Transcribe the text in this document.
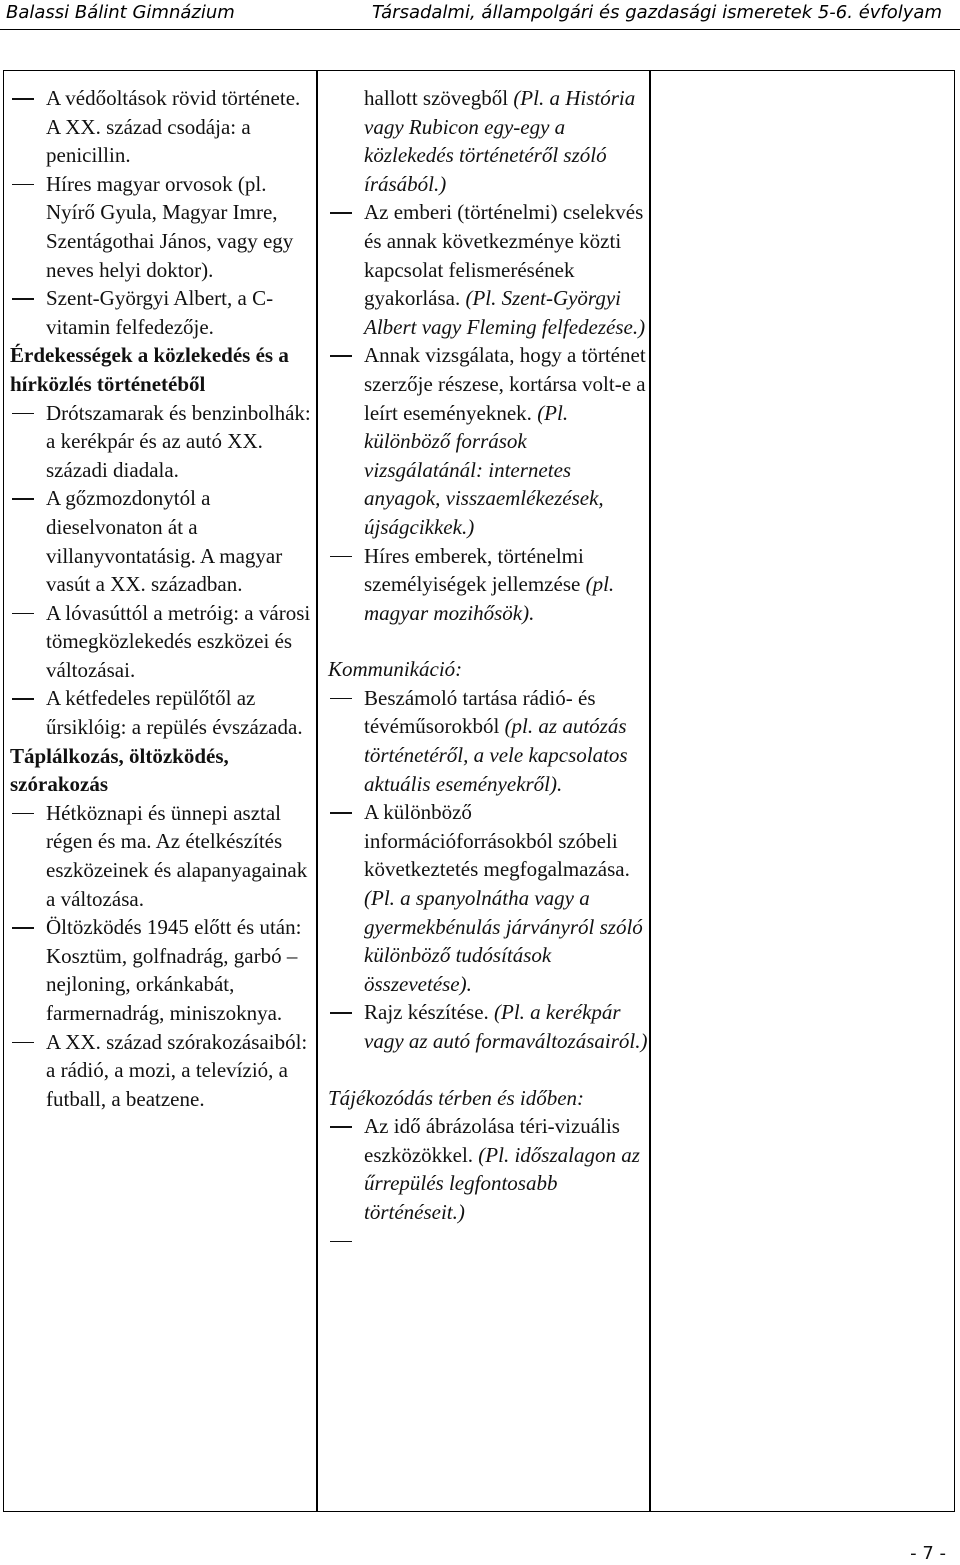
Balassi Bálint Gimnázium	Társadalmi, állampolgári és gazdasági ismeretek 5-6. évfolyam
A védőoltások rövid története. A XX. század csodája: a penicillin.
Híres magyar orvosok (pl. Nyírő Gyula, Magyar Imre, Szentágothai János, vagy egy neves helyi doktor).
Szent-Györgyi Albert, a C-vitamin felfedezője.
Érdekességek a közlekedés és a hírközlés történetéből
Drótszamarak és benzinbolhák: a kerékpár és az autó XX. századi diadala.
A gőzmozdonytól a dieselvonaton át a villanyvontatásig. A magyar vasút a XX. században.
A lóvasúttól a metróig: a városi tömegközlekedés eszközei és változásai.
A kétfedeles repülőtől az űrsiklóig: a repülés évszázada.
Táplálkozás, öltözködés, szórakozás
Hétköznapi és ünnepi asztal régen és ma. Az ételkészítés eszközeinek és alapanyagainak a változása.
Öltözködés 1945 előtt és után: Kosztüm, golfnadrág, garbó – nejloning, orkánkabát, farmernadrág, miniszoknya.
A XX. század szórakozásaiból: a rádió, a mozi, a televízió, a futball, a beatzene.
hallott szövegből (Pl. a História vagy Rubicon egy-egy a közlekedés történetéről szóló írásából.)
Az emberi (történelmi) cselekvés és annak következménye közti kapcsolat felismerésének gyakorlása. (Pl. Szent-Györgyi Albert vagy Fleming felfedezése.)
Annak vizsgálata, hogy a történet szerzője részese, kortársa volt-e a leírt eseményeknek. (Pl. különböző források vizsgálatánál: internetes anyagok, visszaemlékezések, újságcikkek.)
Híres emberek, történelmi személyiségek jellemzése (pl. magyar mozihősök).
Kommunikáció:
Beszámoló tartása rádió- és tévéműsorokból (pl. az autózás történetéről, a vele kapcsolatos aktuális eseményekről).
A különböző információforrásokból szóbeli következtetés megfogalmazása. (Pl. a spanyolnátha vagy a gyermekbénulás járványról szóló különböző tudósítások összevetése).
Rajz készítése. (Pl. a kerékpár vagy az autó formaváltozásairól.)
Tájékozódás térben és időben:
Az idő ábrázolása téri-vizuális eszközökkel. (Pl. időszalagon az űrrepülés legfontosabb történéseit.)
- 7 -
